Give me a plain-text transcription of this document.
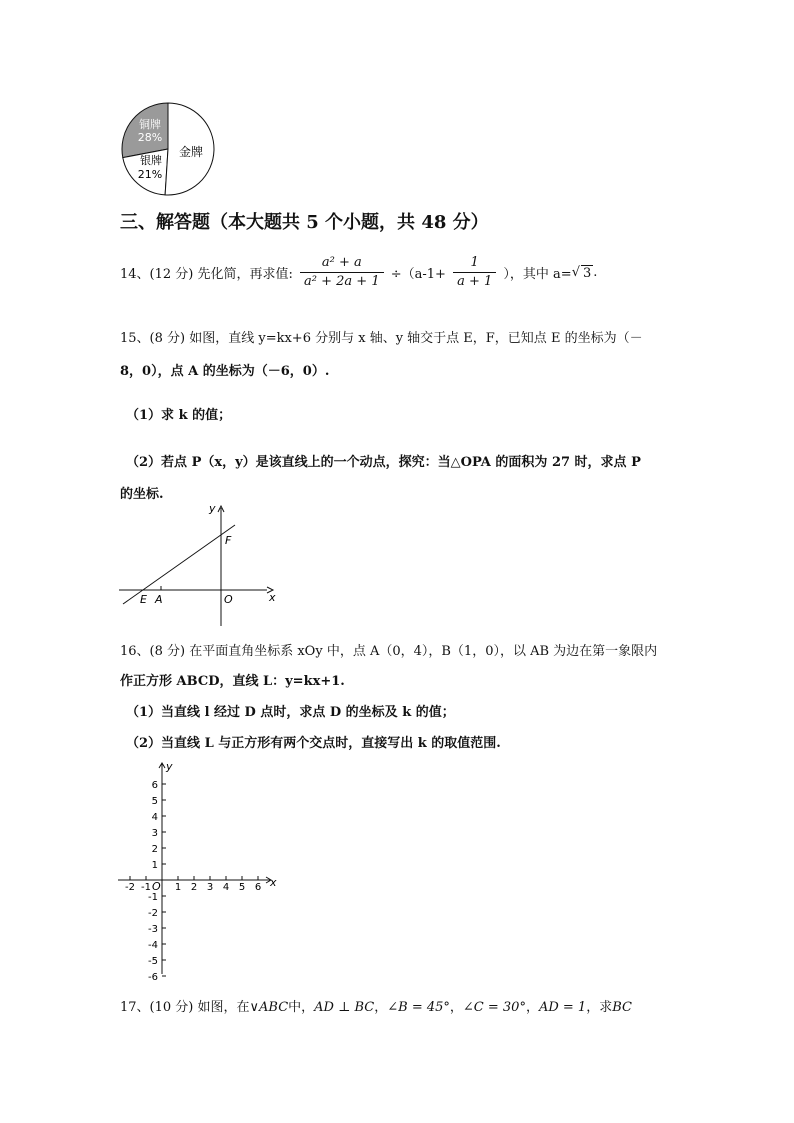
铜牌
28%
银牌
21%
金牌
三、解答题（本大题共 5 个小题，共 48 分）
14、(12 分) 先化简，再求值: $\frac{\text{a² + a}}{\text{a² + 2a + 1}} \div(a-1+ \frac{1}{a + 1}$ ），其中 a=√ 3 .
15、(8 分) 如图，直线 y=kx+6 分别与 x 轴、y 轴交于点 E，F，已知点 E 的坐标为（－
8，0），点 A 的坐标为（－6，0）.
（1）求 k 的值；
（2）若点 P（x，y）是该直线上的一个动点，探究：当△OPA 的面积为 27 时，求点 P
的坐标.
y
x
F
E A	O
16、(8 分) 在平面直角坐标系 xOy 中，点 A（0，4），B（1，0），以 AB 为边在第一象限内
作正方形 ABCD，直线 L：y=kx+1.
（1）当直线 l 经过 D 点时，求点 D 的坐标及 k 的值；
（2）当直线 L 与正方形有两个交点时，直接写出 k 的取值范围.
-2 -1 1 2 3 4 5 6
6
5
4
3
2
1
-1
-2
-3
-4
-5
-6
y
x
O
17、(10 分) 如图，在∨ABC中，AD ⊥ BC，∠B = 45°，∠C = 30°，AD = 1，求BC
